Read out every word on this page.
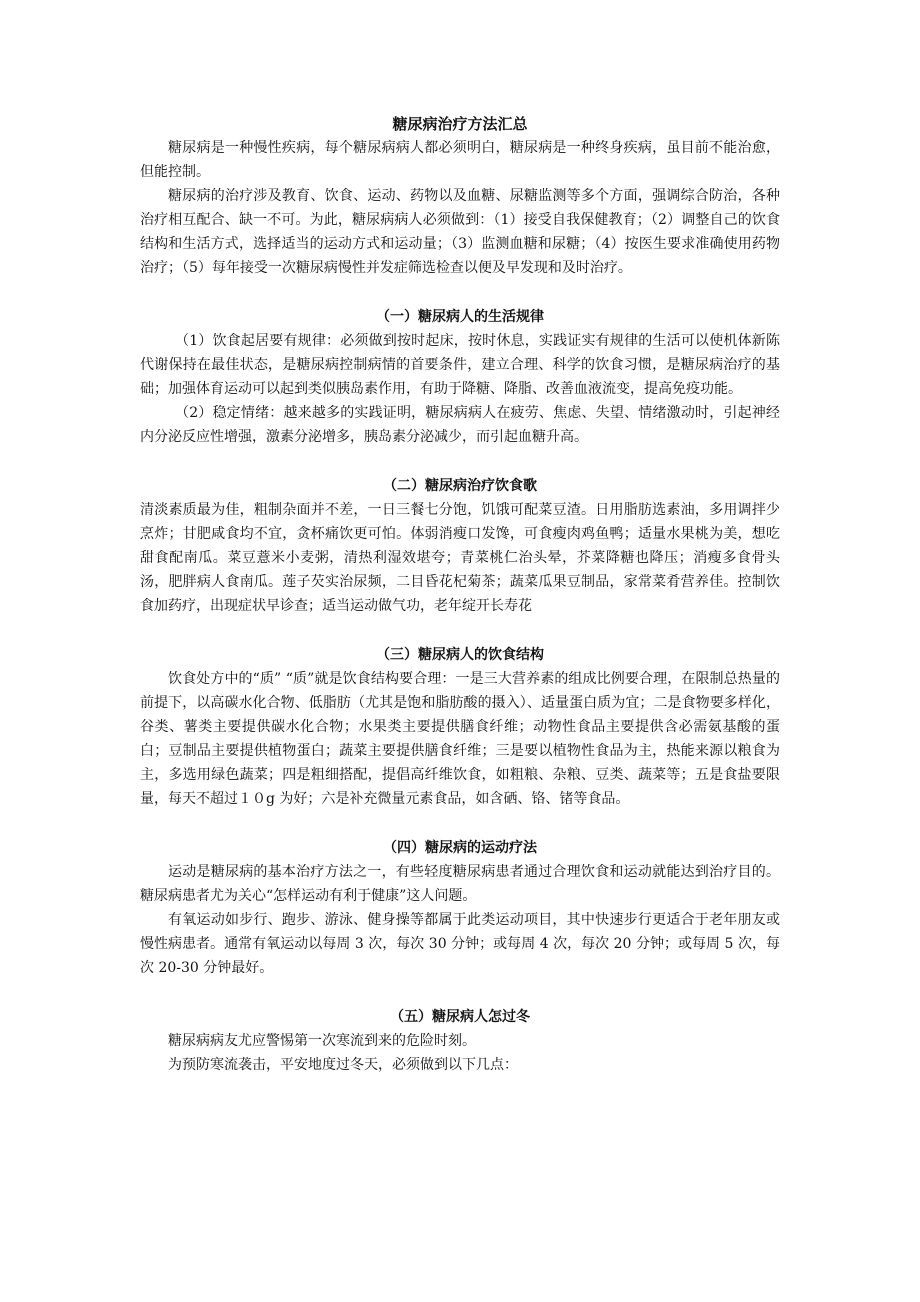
糖尿病治疗方法汇总

糖尿病是一种慢性疾病，每个糖尿病病人都必须明白，糖尿病是一种终身疾病，虽目前不能治愈，但能控制。

糖尿病的治疗涉及教育、饮食、运动、药物以及血糖、尿糖监测等多个方面，强调综合防治，各种治疗相互配合、缺一不可。为此，糖尿病病人必须做到：（1）接受自我保健教育；（2）调整自己的饮食结构和生活方式，选择适当的运动方式和运动量；（3）监测血糖和尿糖；（4）按医生要求准确使用药物治疗；（5）每年接受一次糖尿病慢性并发症筛选检查以便及早发现和及时治疗。

（一）糖尿病人的生活规律

（1）饮食起居要有规律：必须做到按时起床，按时休息，实践证实有规律的生活可以使机体新陈代谢保持在最佳状态，是糖尿病控制病情的首要条件，建立合理、科学的饮食习惯，是糖尿病治疗的基础；加强体育运动可以起到类似胰岛素作用，有助于降糖、降脂、改善血液流变，提高免疫功能。

（2）稳定情绪：越来越多的实践证明，糖尿病病人在疲劳、焦虑、失望、情绪激动时，引起神经内分泌反应性增强，激素分泌增多，胰岛素分泌减少，而引起血糖升高。

（二）糖尿病治疗饮食歌

清淡素质最为佳，粗制杂面并不差，一日三餐七分饱，饥饿可配菜豆渣。日用脂肪选素油，多用调拌少烹炸；甘肥咸食均不宜，贪杯痛饮更可怕。体弱消瘦口发馋，可食瘦肉鸡鱼鸭；适量水果桃为美，想吃甜食配南瓜。菜豆薏米小麦粥，清热利湿效堪夸；青菜桃仁治头晕，芥菜降糖也降压；消瘦多食骨头汤，肥胖病人食南瓜。莲子芡实治尿频，二目昏花杞菊茶；蔬菜瓜果豆制品，家常菜肴营养佳。控制饮食加药疗，出现症状早诊查；适当运动做气功，老年绽开长寿花

（三）糖尿病人的饮食结构

饮食处方中的“质” “质”就是饮食结构要合理：一是三大营养素的组成比例要合理，在限制总热量的前提下，以高碳水化合物、低脂肪（尤其是饱和脂肪酸的摄入）、适量蛋白质为宜；二是食物要多样化，谷类、薯类主要提供碳水化合物；水果类主要提供膳食纤维；动物性食品主要提供含必需氨基酸的蛋白；豆制品主要提供植物蛋白；蔬菜主要提供膳食纤维；三是要以植物性食品为主，热能来源以粮食为主，多选用绿色蔬菜；四是粗细搭配，提倡高纤维饮食，如粗粮、杂粮、豆类、蔬菜等；五是食盐要限量，每天不超过１０g 为好；六是补充微量元素食品，如含硒、铬、锗等食品。

（四）糖尿病的运动疗法

运动是糖尿病的基本治疗方法之一，有些轻度糖尿病患者通过合理饮食和运动就能达到治疗目的。糖尿病患者尤为关心“怎样运动有利于健康”这人问题。

有氧运动如步行、跑步、游泳、健身操等都属于此类运动项目，其中快速步行更适合于老年朋友或慢性病患者。通常有氧运动以每周 3 次，每次 30 分钟；或每周 4 次，每次 20 分钟；或每周 5 次，每次 20-30 分钟最好。

（五）糖尿病人怎过冬

糖尿病病友尤应警惕第一次寒流到来的危险时刻。

为预防寒流袭击，平安地度过冬天，必须做到以下几点：
